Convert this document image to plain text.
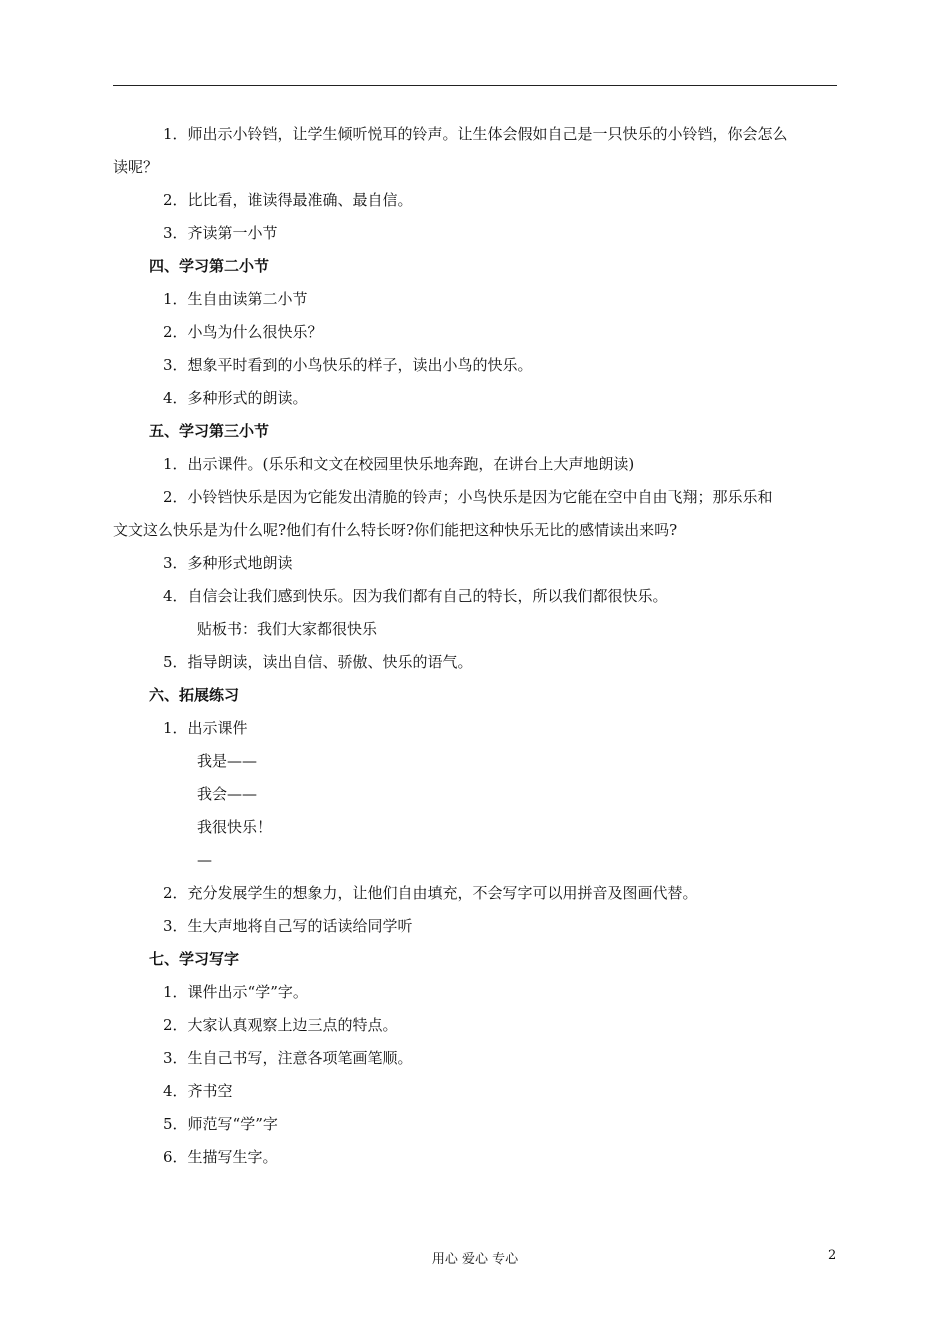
1．师出示小铃铛，让学生倾听悦耳的铃声。让生体会假如自己是一只快乐的小铃铛，你会怎么
读呢？
2．比比看，谁读得最准确、最自信。
3．齐读第一小节
四、学习第二小节
1．生自由读第二小节
2．小鸟为什么很快乐？
3．想象平时看到的小鸟快乐的样子，读出小鸟的快乐。
4．多种形式的朗读。
五、学习第三小节
1．出示课件。(乐乐和文文在校园里快乐地奔跑，在讲台上大声地朗读)
2．小铃铛快乐是因为它能发出清脆的铃声；小鸟快乐是因为它能在空中自由飞翔；那乐乐和
文文这么快乐是为什么呢?他们有什么特长呀?你们能把这种快乐无比的感情读出来吗?
3．多种形式地朗读
4．自信会让我们感到快乐。因为我们都有自己的特长，所以我们都很快乐。
贴板书：我们大家都很快乐
5．指导朗读，读出自信、骄傲、快乐的语气。
六、拓展练习
1．出示课件
我是——
我会——
我很快乐！
—
2．充分发展学生的想象力，让他们自由填充，不会写字可以用拼音及图画代替。
3．生大声地将自己写的话读给同学听
七、学习写字
1．课件出示“学”字。
2．大家认真观察上边三点的特点。
3．生自己书写，注意各项笔画笔顺。
4．齐书空
5．师范写“学”字
6．生描写生字。
用心 爱心 专心	2
